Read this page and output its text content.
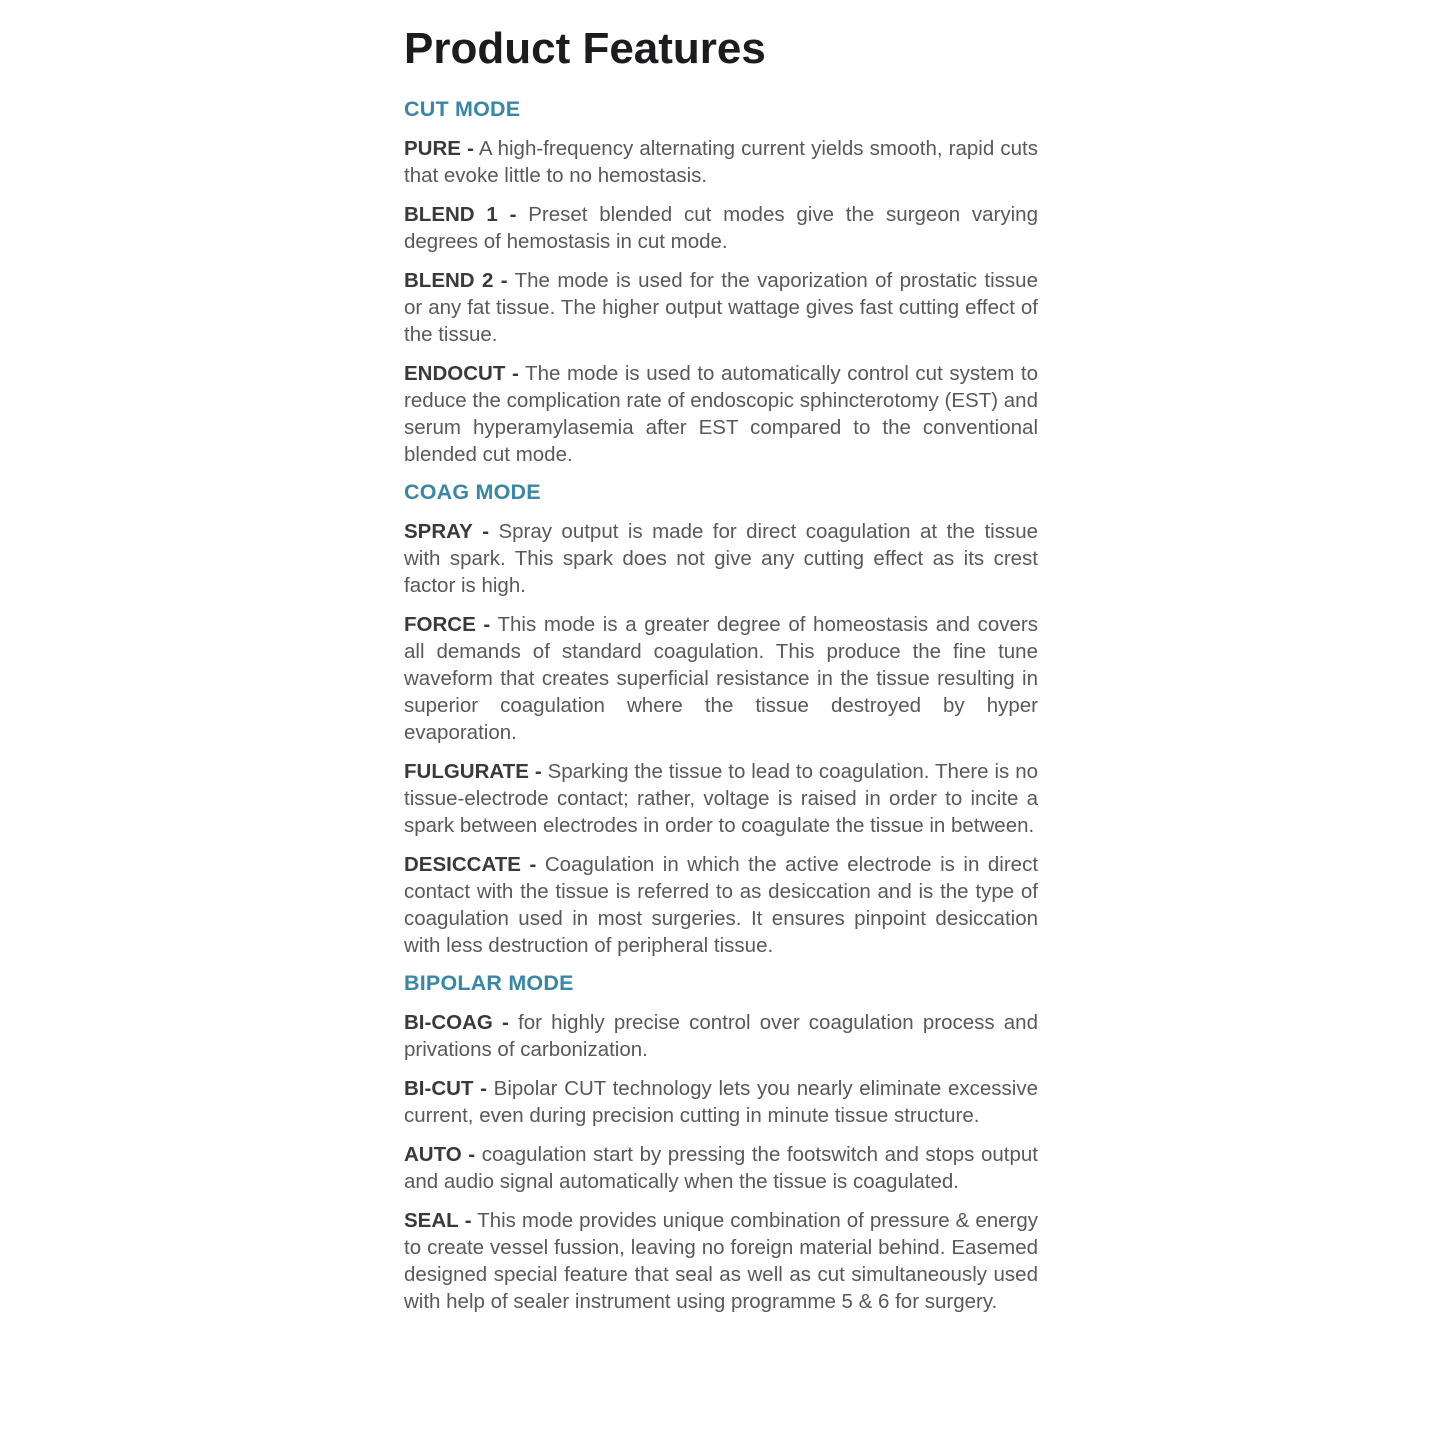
Product Features
CUT MODE

PURE - A high-frequency alternating current yields smooth, rapid cuts that evoke little to no hemostasis.

BLEND 1 - Preset blended cut modes give the surgeon varying degrees of hemostasis in cut mode.

BLEND 2 - The mode is used for the vaporization of prostatic tissue or any fat tissue. The higher output wattage gives fast cutting effect of the tissue.

ENDOCUT - The mode is used to automatically control cut system to reduce the complication rate of endoscopic sphincterotomy (EST) and serum hyperamylasemia after EST compared to the conventional blended cut mode.

COAG MODE

SPRAY - Spray output is made for direct coagulation at the tissue with spark. This spark does not give any cutting effect as its crest factor is high.

FORCE - This mode is a greater degree of homeostasis and covers all demands of standard coagulation. This produce the fine tune waveform that creates superficial resistance in the tissue resulting in superior coagulation where the tissue destroyed by hyper evaporation.

FULGURATE - Sparking the tissue to lead to coagulation. There is no tissue-electrode contact; rather, voltage is raised in order to incite a spark between electrodes in order to coagulate the tissue in between.

DESICCATE - Coagulation in which the active electrode is in direct contact with the tissue is referred to as desiccation and is the type of coagulation used in most surgeries. It ensures pinpoint desiccation with less destruction of peripheral tissue.

BIPOLAR MODE

BI-COAG - for highly precise control over coagulation process and privations of carbonization.

BI-CUT - Bipolar CUT technology lets you nearly eliminate excessive current, even during precision cutting in minute tissue structure.

AUTO - coagulation start by pressing the footswitch and stops output and audio signal automatically when the tissue is coagulated.

SEAL - This mode provides unique combination of pressure & energy to create vessel fussion, leaving no foreign material behind. Easemed designed special feature that seal as well as cut simultaneously used with help of sealer instrument using programme 5 & 6 for surgery.
